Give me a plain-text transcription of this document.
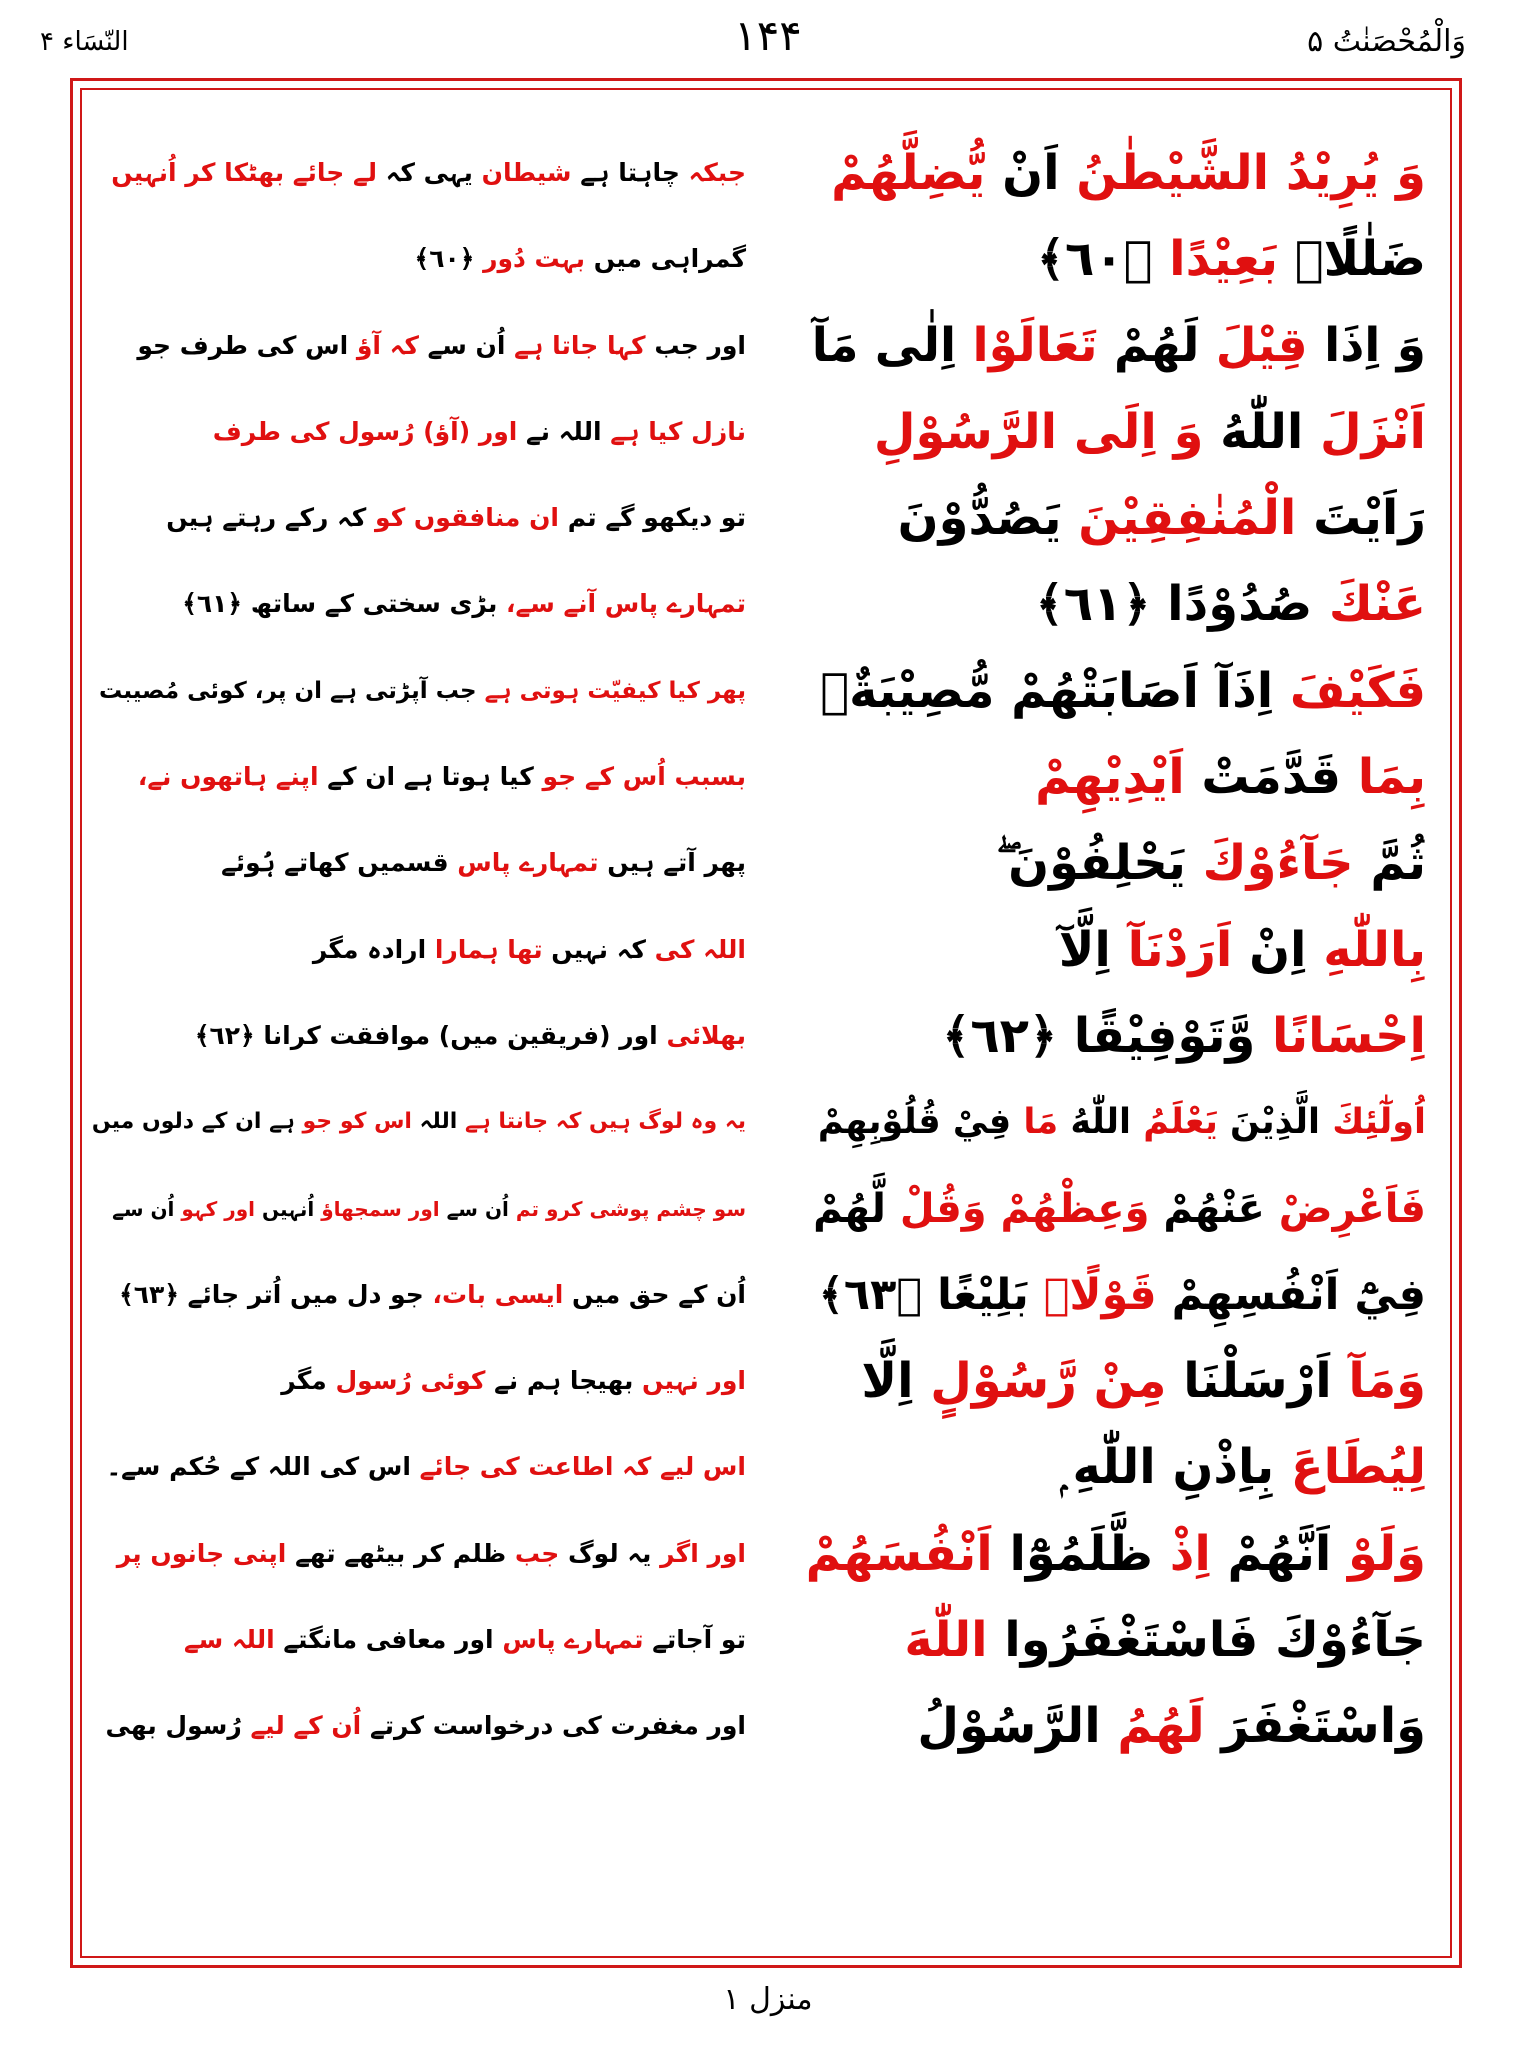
وَالْمُحْصَنٰتُ ۵
۱۴۴
النّسَاء ۴
وَ يُرِيْدُ الشَّيْطٰنُ اَنْ يُّضِلَّهُمْ
ضَلٰلًاۢ بَعِيْدًا ﴿٦٠﴾
وَ اِذَا قِيْلَ لَهُمْ تَعَالَوْا اِلٰى مَآ
اَنْزَلَ اللّٰهُ وَ اِلَى الرَّسُوْلِ
رَاَيْتَ الْمُنٰفِقِيْنَ يَصُدُّوْنَ
عَنْكَ صُدُوْدًا ﴿٦١﴾
فَكَيْفَ اِذَآ اَصَابَتْهُمْ مُّصِيْبَةٌۢ
بِمَا قَدَّمَتْ اَيْدِيْهِمْ
ثُمَّ جَآءُوْكَ يَحْلِفُوْنَ ۖ
بِاللّٰهِ اِنْ اَرَدْنَآ اِلَّآ
اِحْسَانًا وَّتَوْفِيْقًا ﴿٦٢﴾
اُولٰٓئِكَ الَّذِيْنَ يَعْلَمُ اللّٰهُ مَا فِيْ قُلُوْبِهِمْ
فَاَعْرِضْ عَنْهُمْ وَعِظْهُمْ وَقُلْ لَّهُمْ
فِيْٓ اَنْفُسِهِمْ قَوْلًاۢ بَلِيْغًا ﴿٦٣﴾
وَمَآ اَرْسَلْنَا مِنْ رَّسُوْلٍ اِلَّا
لِيُطَاعَ بِاِذْنِ اللّٰهِ ۭ
وَلَوْ اَنَّهُمْ اِذْ ظَّلَمُوْٓا اَنْفُسَهُمْ
جَآءُوْكَ فَاسْتَغْفَرُوا اللّٰهَ
وَاسْتَغْفَرَ لَهُمُ الرَّسُوْلُ
جبکہ چاہتا ہے شیطان یہی کہ لے جائے بھٹکا کر اُنہیں
گمراہی میں بہت دُور ﴿٦٠﴾
اور جب کہا جاتا ہے اُن سے کہ آؤ اس کی طرف جو
نازل کیا ہے اللہ نے اور (آؤ) رُسول کی طرف
تو دیکھو گے تم ان منافقوں کو کہ رکے رہتے ہیں
تمہارے پاس آنے سے، بڑی سختی کے ساتھ ﴿٦١﴾
پھر کیا کیفیّت ہوتی ہے جب آپڑتی ہے ان پر، کوئی مُصیبت
بسبب اُس کے جو کیا ہوتا ہے ان کے اپنے ہاتھوں نے،
پھر آتے ہیں تمہارے پاس قسمیں کھاتے ہُوئے
اللہ کی کہ نہیں تھا ہمارا ارادہ مگر
بھلائی اور (فریقین میں) موافقت کرانا ﴿٦٢﴾
یہ وہ لوگ ہیں کہ جانتا ہے اللہ اس کو جو ہے ان کے دلوں میں
سو چشم پوشی کرو تم اُن سے اور سمجھاؤ اُنہیں اور کہو اُن سے
اُن کے حق میں ایسی بات، جو دل میں اُتر جائے ﴿٦٣﴾
اور نہیں بھیجا ہم نے کوئی رُسول مگر
اس لیے کہ اطاعت کی جائے اس کی اللہ کے حُکم سے۔
اور اگر یہ لوگ جب ظلم کر بیٹھے تھے اپنی جانوں پر
تو آجاتے تمہارے پاس اور معافی مانگتے اللہ سے
اور مغفرت کی درخواست کرتے اُن کے لیے رُسول بھی
منزل ۱
